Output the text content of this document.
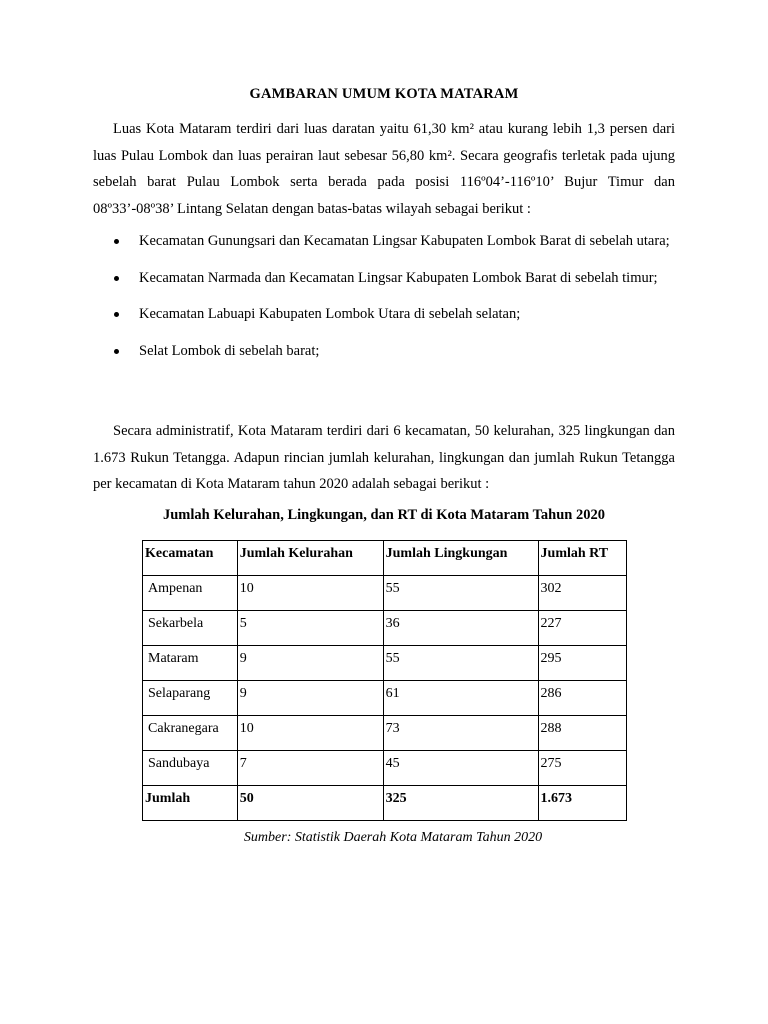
GAMBARAN UMUM KOTA MATARAM

Luas Kota Mataram terdiri dari luas daratan yaitu 61,30 km² atau kurang lebih 1,3 persen dari luas Pulau Lombok dan luas perairan laut sebesar 56,80 km². Secara geografis terletak pada ujung sebelah barat Pulau Lombok serta berada pada posisi 116º04’-116º10’ Bujur Timur dan 08º33’-08º38’ Lintang Selatan dengan batas-batas wilayah sebagai berikut :

Kecamatan Gunungsari dan Kecamatan Lingsar Kabupaten Lombok Barat di sebelah utara;
Kecamatan Narmada dan Kecamatan Lingsar Kabupaten Lombok Barat di sebelah timur;
Kecamatan Labuapi Kabupaten Lombok Utara di sebelah selatan;
Selat Lombok di sebelah barat;

Secara administratif, Kota Mataram terdiri dari 6 kecamatan, 50 kelurahan, 325 lingkungan dan 1.673 Rukun Tetangga. Adapun rincian jumlah kelurahan, lingkungan dan jumlah Rukun Tetangga per kecamatan di Kota Mataram tahun 2020 adalah sebagai berikut :

Jumlah Kelurahan, Lingkungan, dan RT di Kota Mataram Tahun 2020
Kecamatan	Jumlah Kelurahan	Jumlah Lingkungan	Jumlah RT
Ampenan	10	55	302
Sekarbela	5	36	227
Mataram	9	55	295
Selaparang	9	61	286
Cakranegara	10	73	288
Sandubaya	7	45	275
Jumlah	50	325	1.673
Sumber: Statistik Daerah Kota Mataram Tahun 2020
